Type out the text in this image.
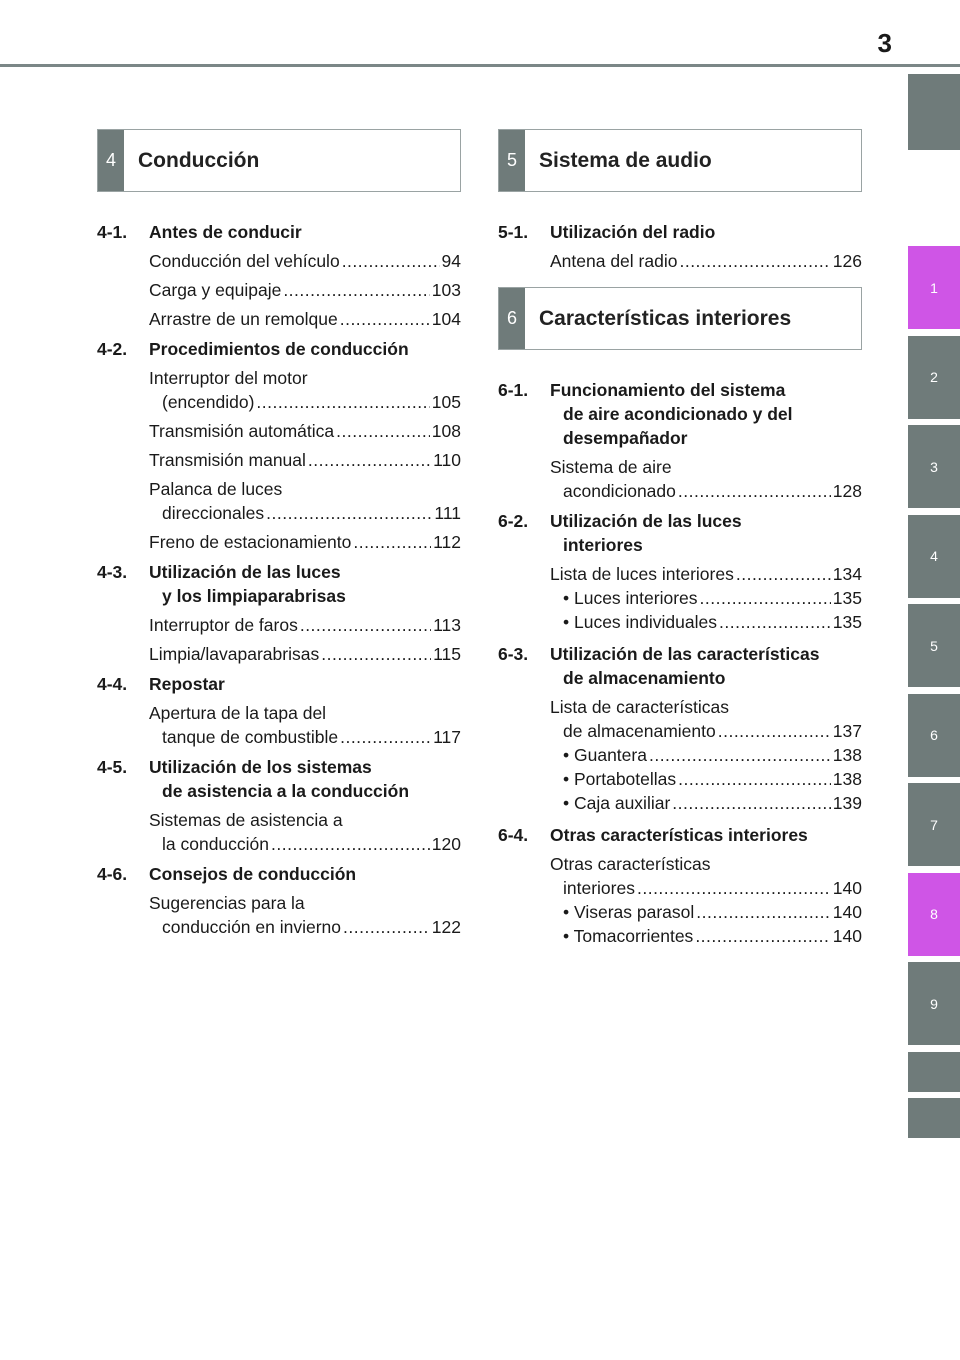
3
1
2
3
4
5
6
7
8
9
4	Conducción
4-1.	Antes de conducir
Conducción del vehículo .....	94
Carga y equipaje .....	103
Arrastre de un remolque .....	104
4-2.	Procedimientos de conducción
Interruptor del motor
(encendido) .....	105
Transmisión automática .....	108
Transmisión manual .....	110
Palanca de luces
direccionales .....	111
Freno de estacionamiento .....	112
4-3.	Utilización de las luces
y los limpiaparabrisas
Interruptor de faros .....	113
Limpia/lavaparabrisas .....	115
4-4.	Repostar
Apertura de la tapa del
tanque de combustible .....	117
4-5.	Utilización de los sistemas
de asistencia a la conducción
Sistemas de asistencia a
la conducción .....	120
4-6.	Consejos de conducción
Sugerencias para la
conducción en invierno .....	122
5	Sistema de audio
5-1.	Utilización del radio
Antena del radio .....	126
6	Características interiores
6-1.	Funcionamiento del sistema
de aire acondicionado y del
desempañador
Sistema de aire
acondicionado .....	128
6-2.	Utilización de las luces
interiores
Lista de luces interiores .....	134
• Luces interiores .....	135
• Luces individuales .....	135
6-3.	Utilización de las características
de almacenamiento
Lista de características
de almacenamiento .....	137
• Guantera .....	138
• Portabotellas .....	138
• Caja auxiliar .....	139
6-4.	Otras características interiores
Otras características
interiores .....	140
• Viseras parasol .....	140
• Tomacorrientes .....	140
